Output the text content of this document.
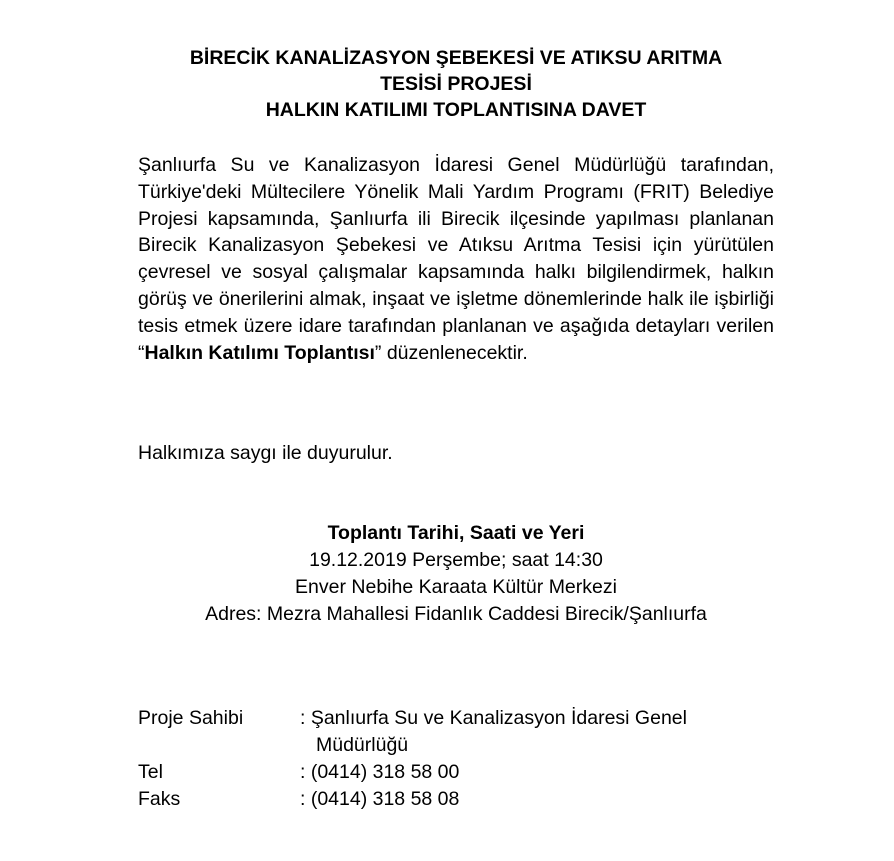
BİRECİK KANALİZASYON ŞEBEKESİ VE ATIKSU ARITMA
TESİSİ PROJESİ
HALKIN KATILIMI TOPLANTISINA DAVET
Şanlıurfa Su ve Kanalizasyon İdaresi Genel Müdürlüğü tarafından, Türkiye'deki Mültecilere Yönelik Mali Yardım Programı (FRIT) Belediye Projesi kapsamında, Şanlıurfa ili Birecik ilçesinde yapılması planlanan Birecik Kanalizasyon Şebekesi ve Atıksu Arıtma Tesisi için yürütülen çevresel ve sosyal çalışmalar kapsamında halkı bilgilendirmek, halkın görüş ve önerilerini almak, inşaat ve işletme dönemlerinde halk ile işbirliği tesis etmek üzere idare tarafından planlanan ve aşağıda detayları verilen “Halkın Katılımı Toplantısı” düzenlenecektir.
Halkımıza saygı ile duyurulur.
Toplantı Tarihi, Saati ve Yeri
19.12.2019 Perşembe; saat 14:30
Enver Nebihe Karaata Kültür Merkezi
Adres: Mezra Mahallesi Fidanlık Caddesi Birecik/Şanlıurfa
Proje Sahibi	: Şanlıurfa Su ve Kanalizasyon İdaresi Genel
Müdürlüğü
Tel	: (0414) 318 58 00
Faks	: (0414) 318 58 08
